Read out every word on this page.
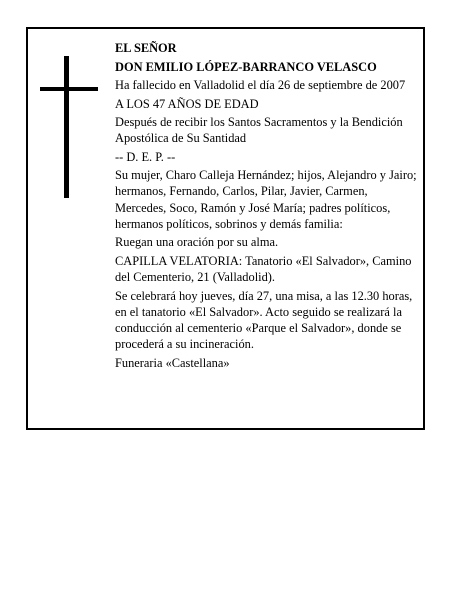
EL SEÑOR

DON EMILIO LÓPEZ-BARRANCO VELASCO

Ha fallecido en Valladolid el día 26 de septiembre de 2007

A LOS 47 AÑOS DE EDAD

Después de recibir los Santos Sacramentos y la Bendición Apostólica de Su Santidad

-- D. E. P. --

Su mujer, Charo Calleja Hernández; hijos, Alejandro y Jairo; hermanos, Fernando, Carlos, Pilar, Javier, Carmen, Mercedes, Soco, Ramón y José María; padres políticos, hermanos políticos, sobrinos y demás familia:

Ruegan una oración por su alma.

CAPILLA VELATORIA: Tanatorio «El Salvador», Camino del Cementerio, 21 (Valladolid).

Se celebrará hoy jueves, día 27, una misa, a las 12.30 horas, en el tanatorio «El Salvador». Acto seguido se realizará la conducción al cementerio «Parque el Salvador», donde se procederá a su incineración.

Funeraria «Castellana»
